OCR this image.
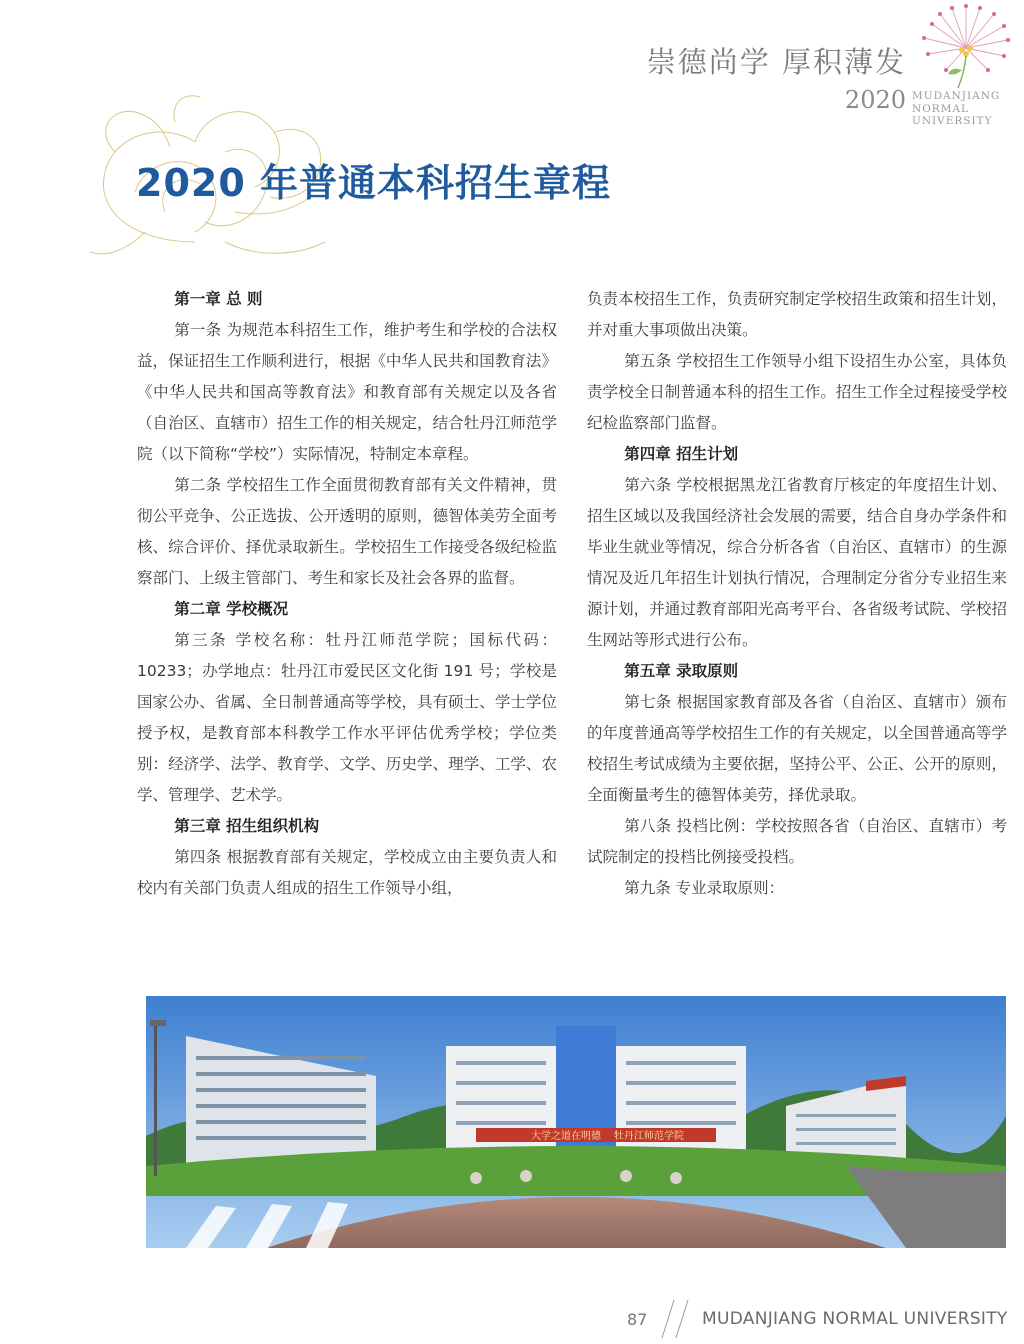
崇德尚学 厚积薄发
2020 MUDANJIANG
NORMAL
UNIVERSITY
2020 年普通本科招生章程

第一章 总 则

第一条 为规范本科招生工作，维护考生和学校的合法权益，保证招生工作顺利进行，根据《中华人民共和国教育法》《中华人民共和国高等教育法》和教育部有关规定以及各省（自治区、直辖市）招生工作的相关规定，结合牡丹江师范学院（以下简称“学校”）实际情况，特制定本章程。

第二条 学校招生工作全面贯彻教育部有关文件精神，贯彻公平竞争、公正选拔、公开透明的原则，德智体美劳全面考核、综合评价、择优录取新生。学校招生工作接受各级纪检监察部门、上级主管部门、考生和家长及社会各界的监督。

第二章 学校概况

第三条 学校名称：牡丹江师范学院；国标代码：10233；办学地点：牡丹江市爱民区文化街 191 号；学校是国家公办、省属、全日制普通高等学校，具有硕士、学士学位授予权，是教育部本科教学工作水平评估优秀学校；学位类别：经济学、法学、教育学、文学、历史学、理学、工学、农学、管理学、艺术学。

第三章 招生组织机构

第四条 根据教育部有关规定，学校成立由主要负责人和校内有关部门负责人组成的招生工作领导小组，

负责本校招生工作，负责研究制定学校招生政策和招生计划，并对重大事项做出决策。

第五条 学校招生工作领导小组下设招生办公室，具体负责学校全日制普通本科的招生工作。招生工作全过程接受学校纪检监察部门监督。

第四章 招生计划

第六条 学校根据黑龙江省教育厅核定的年度招生计划、招生区域以及我国经济社会发展的需要，结合自身办学条件和毕业生就业等情况，综合分析各省（自治区、直辖市）的生源情况及近几年招生计划执行情况，合理制定分省分专业招生来源计划，并通过教育部阳光高考平台、各省级考试院、学校招生网站等形式进行公布。

第五章 录取原则

第七条 根据国家教育部及各省（自治区、直辖市）颁布的年度普通高等学校招生工作的有关规定，以全国普通高等学校招生考试成绩为主要依据，坚持公平、公正、公开的原则，全面衡量考生的德智体美劳，择优录取。

第八条 投档比例：学校按照各省（自治区、直辖市）考试院制定的投档比例接受投档。

第九条 专业录取原则：

大学之道在明德 牡丹江师范学院
87	MUDANJIANG NORMAL UNIVERSITY
